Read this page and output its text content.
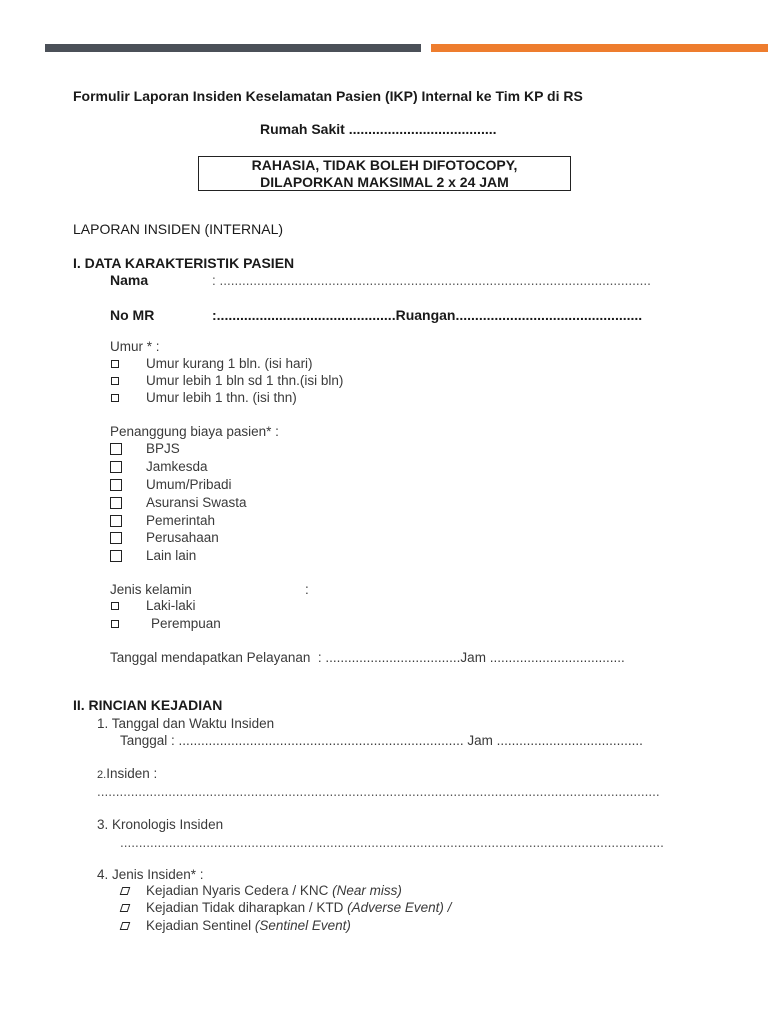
Formulir Laporan Insiden Keselamatan Pasien (IKP) Internal ke Tim KP di RS
Rumah Sakit ......................................
RAHASIA, TIDAK BOLEH DIFOTOCOPY,
DILAPORKAN MAKSIMAL 2 x 24 JAM
LAPORAN INSIDEN (INTERNAL)
I. DATA KARAKTERISTIK PASIEN
Nama	: ...................................................................................................................
No MR	:..............................................Ruangan................................................
Umur * :
Umur kurang 1 bln. (isi hari)
Umur lebih 1 bln sd 1 thn.(isi bln)
Umur lebih 1 thn. (isi thn)
Penanggung biaya pasien* :
BPJS
Jamkesda
Umum/Pribadi
Asuransi Swasta
Pemerintah
Perusahaan
Lain lain
Jenis kelamin	:
Laki-laki
Perempuan
Tanggal mendapatkan Pelayanan  : ....................................Jam ....................................
II. RINCIAN KEJADIAN
1. Tanggal dan Waktu Insiden
Tanggal : ............................................................................ Jam .......................................
2.Insiden :
......................................................................................................................................................
3. Kronologis Insiden
.................................................................................................................................................
4. Jenis Insiden* :
Kejadian Nyaris Cedera / KNC (Near miss)
Kejadian Tidak diharapkan / KTD (Adverse Event) /
Kejadian Sentinel (Sentinel Event)
